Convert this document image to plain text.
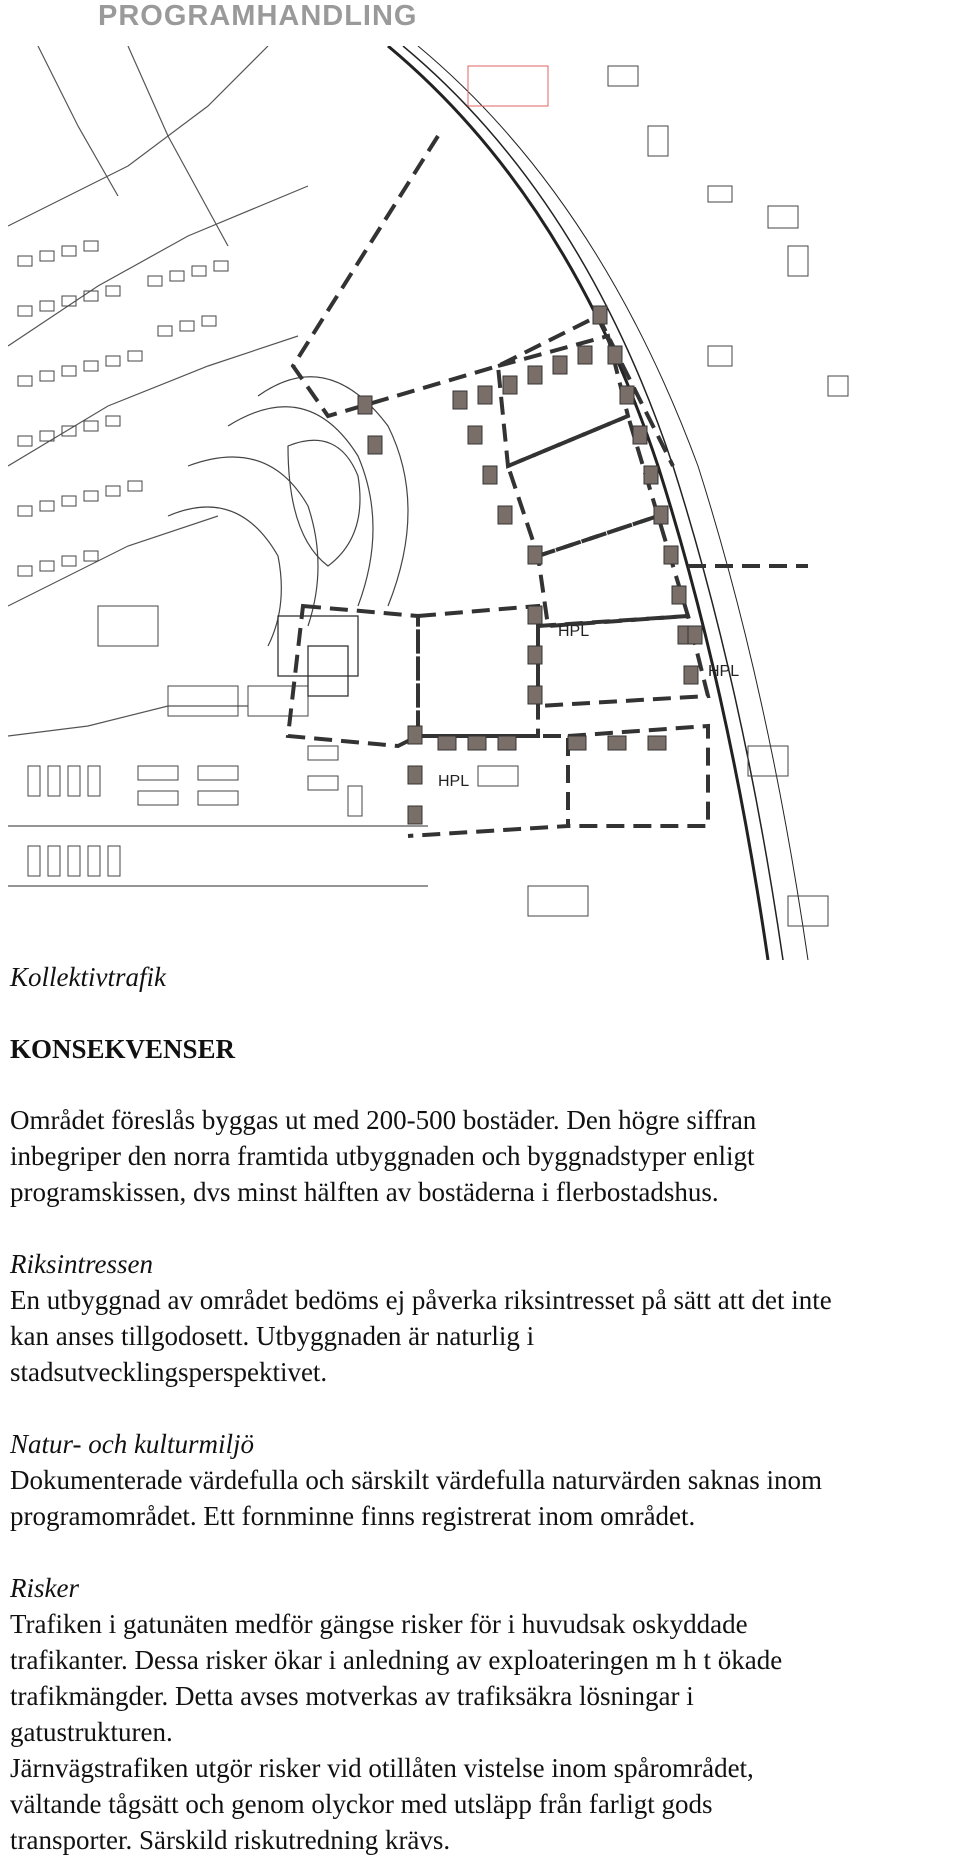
PROGRAMHANDLING
HPL
HPL
HPL
Kollektivtrafik
KONSEKVENSER
Området föreslås byggas ut med 200-500 bostäder. Den högre siffran
inbegriper den norra framtida utbyggnaden och byggnadstyper enligt
programskissen, dvs minst hälften av bostäderna i flerbostadshus.
Riksintressen
En utbyggnad av området bedöms ej påverka riksintresset på sätt att det inte
kan anses tillgodosett. Utbyggnaden är naturlig i
stadsutvecklingsperspektivet.
Natur- och kulturmiljö
Dokumenterade värdefulla och särskilt värdefulla naturvärden saknas inom
programområdet. Ett fornminne finns registrerat inom området.
Risker
Trafiken i gatunäten medför gängse risker för i huvudsak oskyddade
trafikanter. Dessa risker ökar i anledning av exploateringen m h t ökade
trafikmängder. Detta avses motverkas av trafiksäkra lösningar i
gatustrukturen.
Järnvägstrafiken utgör risker vid otillåten vistelse inom spårområdet,
vältande tågsätt och genom olyckor med utsläpp från farligt gods
transporter. Särskild riskutredning krävs.
